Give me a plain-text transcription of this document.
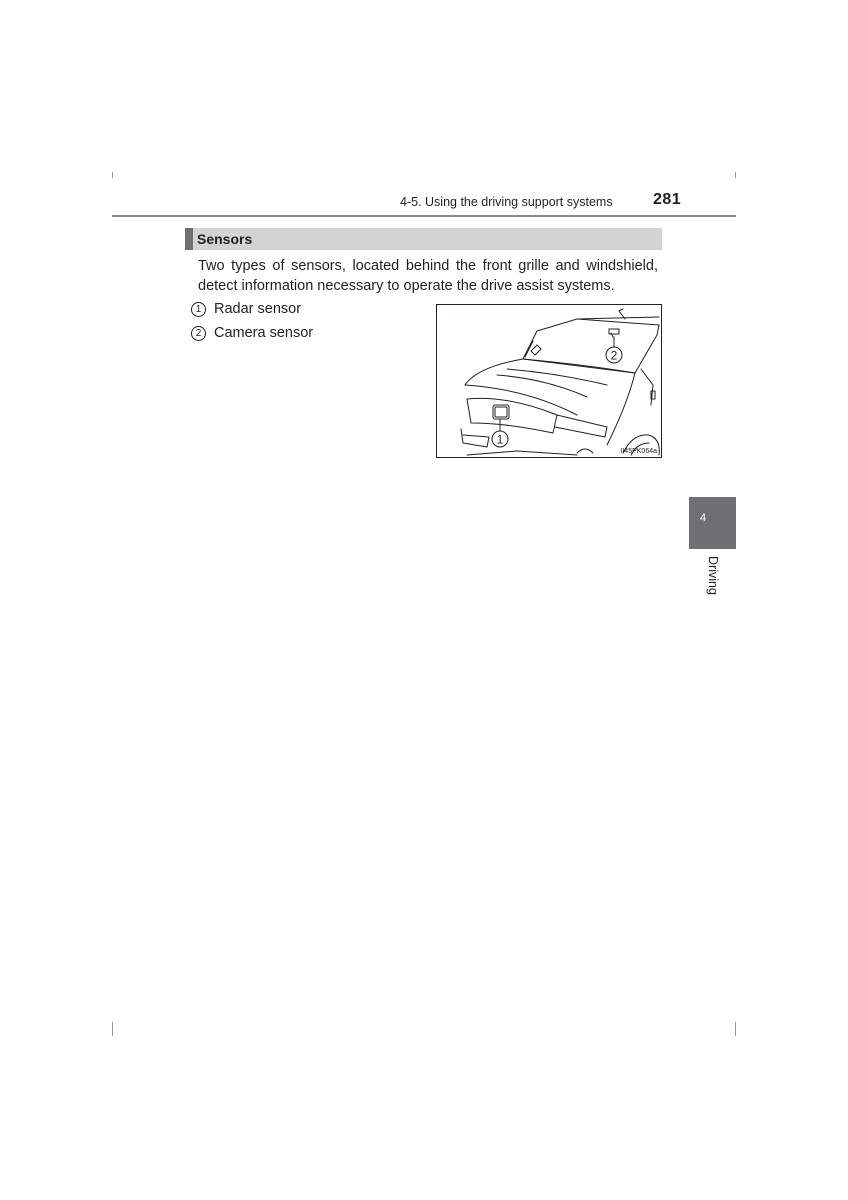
4-5. Using the driving support systems	281
Sensors
Two types of sensors, located behind the front grille and windshield, detect information necessary to operate the drive assist systems.
1 Radar sensor
2 Camera sensor
2
1
II45PK064a
4
Driving
